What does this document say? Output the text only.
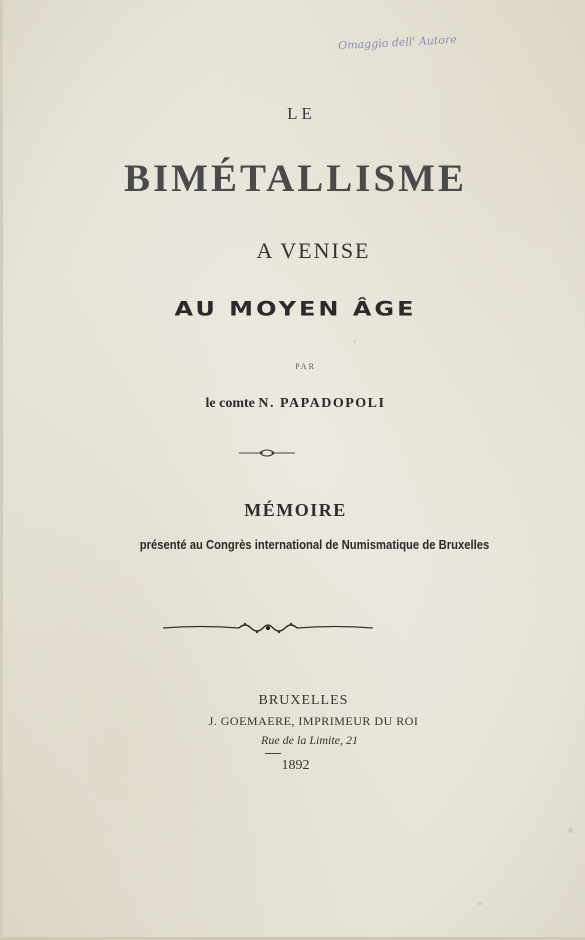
Omaggio dell' Autore
LE
BIMÉTALLISME
A VENISE
AU MOYEN ÂGE
PAR
le comte N. PAPADOPOLI
MÉMOIRE
présenté au Congrès international de Numismatique de Bruxelles
BRUXELLES
J. GOEMAERE, IMPRIMEUR DU ROI
Rue de la Limite, 21
1892
